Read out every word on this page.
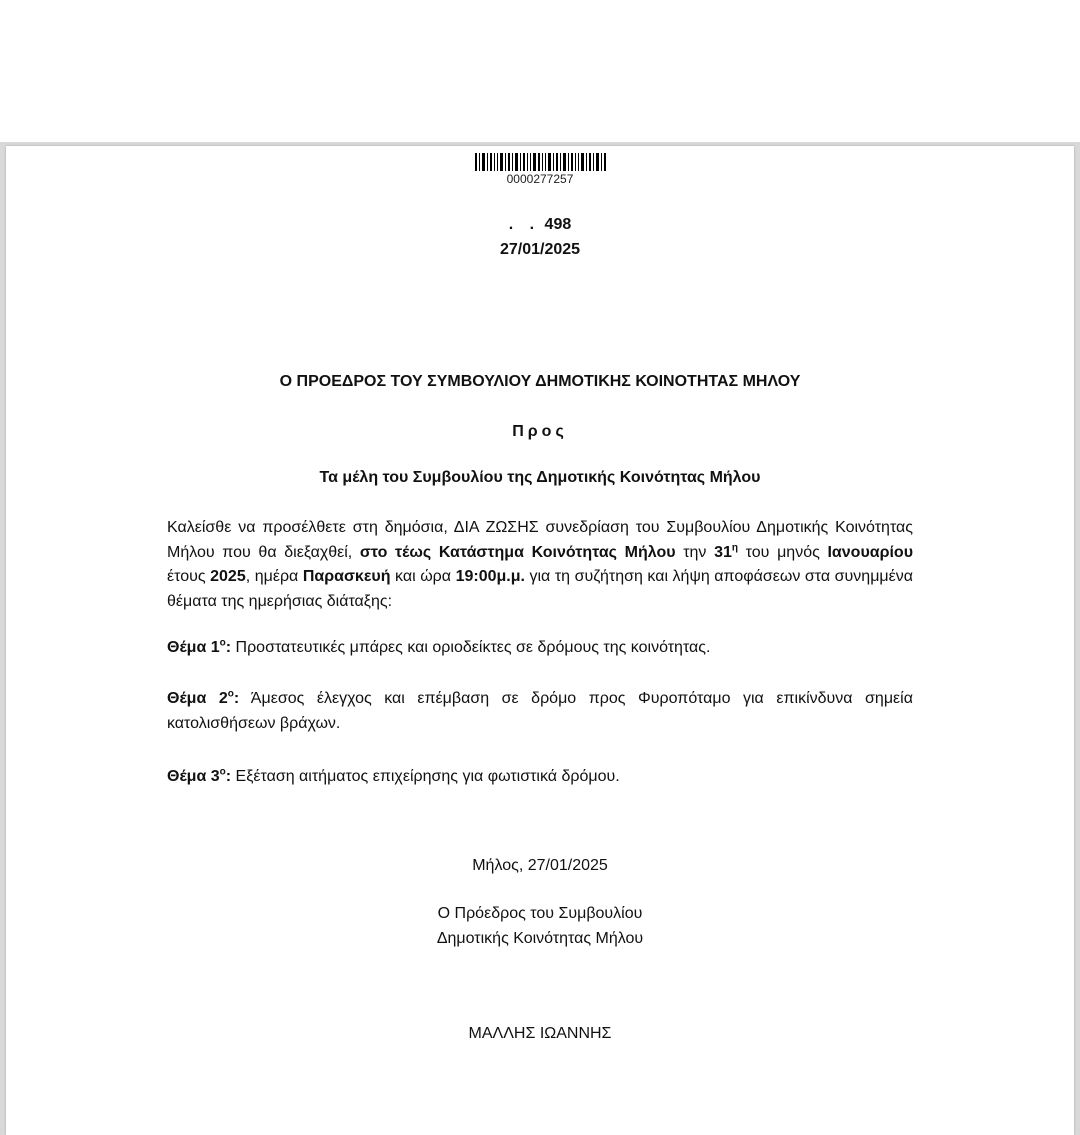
0000277257
. . 498
27/01/2025
Ο ΠΡΟΕΔΡΟΣ ΤΟΥ ΣΥΜΒΟΥΛΙΟΥ ΔΗΜΟΤΙΚΗΣ ΚΟΙΝΟΤΗΤΑΣ ΜΗΛΟΥ
Προς
Τα μέλη του Συμβουλίου της Δημοτικής Κοινότητας Μήλου
Καλείσθε να προσέλθετε στη δημόσια, ΔΙΑ ΖΩΣΗΣ συνεδρίαση του Συμβουλίου Δημοτικής Κοινότητας Μήλου που θα διεξαχθεί, στο τέως Κατάστημα Κοινότητας Μήλου την $31^\eta$ του μηνός Ιανουαρίου έτους 2025, ημέρα Παρασκευή και ώρα 19:00μ.μ. για τη συζήτηση και λήψη αποφάσεων στα συνημμένα θέματα της ημερήσιας διάταξης:
Θέμα $1^o$: Προστατευτικές μπάρες και οριοδείκτες σε δρόμους της κοινότητας.
Θέμα $2^o$: Άμεσος έλεγχος και επέμβαση σε δρόμο προς Φυροπόταμο για επικίνδυνα σημεία κατολισθήσεων βράχων.
Θέμα $3^o$: Εξέταση αιτήματος επιχείρησης για φωτιστικά δρόμου.
Μήλος, 27/01/2025
Ο Πρόεδρος του Συμβουλίου
Δημοτικής Κοινότητας Μήλου
ΜΑΛΛΗΣ ΙΩΑΝΝΗΣ
